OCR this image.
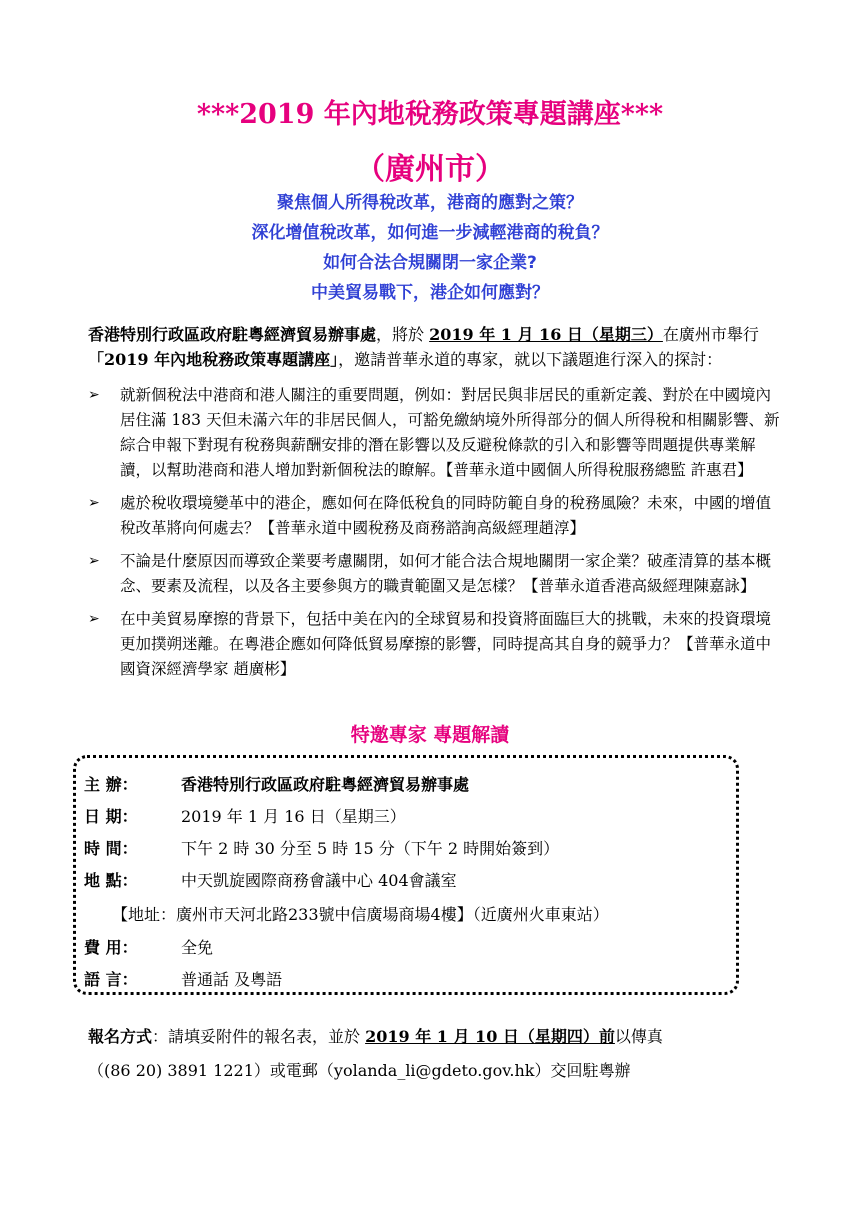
***2019 年內地稅務政策專題講座***
（廣州市）
聚焦個人所得稅改革，港商的應對之策？
深化增值稅改革，如何進一步減輕港商的稅負？
如何合法合規關閉一家企業?
中美貿易戰下，港企如何應對？
香港特別行政區政府駐粵經濟貿易辦事處，將於 2019 年 1 月 16 日（星期三）在廣州市舉行
「2019 年內地稅務政策專題講座」，邀請普華永道的專家，就以下議題進行深入的探討：
➢	就新個稅法中港商和港人關注的重要問題，例如：對居民與非居民的重新定義、對於在中國境內居住滿 183 天但未滿六年的非居民個人，可豁免繳納境外所得部分的個人所得稅和相關影響、新綜合申報下對現有稅務與薪酬安排的潛在影響以及反避稅條款的引入和影響等問題提供專業解讀，以幫助港商和港人增加對新個稅法的瞭解。【普華永道中國個人所得稅服務總監 許惠君】
➢	處於稅收環境變革中的港企，應如何在降低稅負的同時防範自身的稅務風險？未來，中國的增值稅改革將向何處去？【普華永道中國稅務及商務諮詢高級經理趙淳】
➢	不論是什麼原因而導致企業要考慮關閉，如何才能合法合規地關閉一家企業？破產清算的基本概念、要素及流程，以及各主要參與方的職責範圍又是怎樣？【普華永道香港高級經理陳嘉詠】
➢	在中美貿易摩擦的背景下，包括中美在內的全球貿易和投資將面臨巨大的挑戰，未來的投資環境更加撲朔迷離。在粵港企應如何降低貿易摩擦的影響，同時提高其自身的競爭力？【普華永道中國資深經濟學家 趙廣彬】
特邀專家 專題解讀
主 辦：	香港特別行政區政府駐粵經濟貿易辦事處
日 期：	2019 年 1 月 16 日（星期三）
時 間：	下午 2 時 30 分至 5 時 15 分（下午 2 時開始簽到）
地 點：	中天凱旋國際商務會議中心 404會議室
【地址：廣州市天河北路233號中信廣場商場4樓】（近廣州火車東站）
費 用：	全免
語 言：	普通話 及粵語
報名方式：請填妥附件的報名表，並於 2019 年 1 月 10 日（星期四）前以傳真
（(86 20) 3891 1221）或電郵（yolanda_li@gdeto.gov.hk）交回駐粵辦
